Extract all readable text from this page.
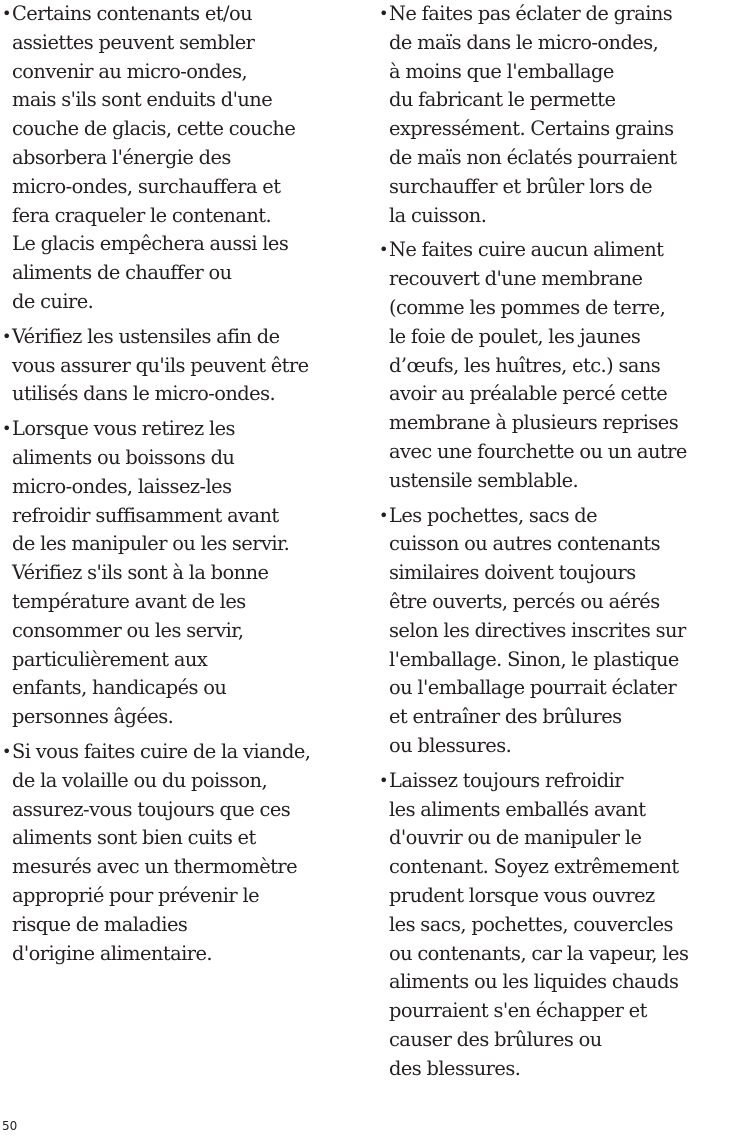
• Certains contenants et/ou
assiettes peuvent sembler
convenir au micro-ondes,
mais s'ils sont enduits d'une
couche de glacis, cette couche
absorbera l'énergie des
micro-ondes, surchauffera et
fera craqueler le contenant.
Le glacis empêchera aussi les
aliments de chauffer ou
de cuire.
• Vérifiez les ustensiles afin de
vous assurer qu'ils peuvent être
utilisés dans le micro-ondes.
• Lorsque vous retirez les
aliments ou boissons du
micro-ondes, laissez-les
refroidir suffisamment avant
de les manipuler ou les servir.
Vérifiez s'ils sont à la bonne
température avant de les
consommer ou les servir,
particulièrement aux
enfants, handicapés ou
personnes âgées.
• Si vous faites cuire de la viande,
de la volaille ou du poisson,
assurez-vous toujours que ces
aliments sont bien cuits et
mesurés avec un thermomètre
approprié pour prévenir le
risque de maladies
d'origine alimentaire.
• Ne faites pas éclater de grains
de maïs dans le micro-ondes,
à moins que l'emballage
du fabricant le permette
expressément. Certains grains
de maïs non éclatés pourraient
surchauffer et brûler lors de
la cuisson.
• Ne faites cuire aucun aliment
recouvert d'une membrane
(comme les pommes de terre,
le foie de poulet, les jaunes
d’œufs, les huîtres, etc.) sans
avoir au préalable percé cette
membrane à plusieurs reprises
avec une fourchette ou un autre
ustensile semblable.
• Les pochettes, sacs de
cuisson ou autres contenants
similaires doivent toujours
être ouverts, percés ou aérés
selon les directives inscrites sur
l'emballage. Sinon, le plastique
ou l'emballage pourrait éclater
et entraîner des brûlures
ou blessures.
• Laissez toujours refroidir
les aliments emballés avant
d'ouvrir ou de manipuler le
contenant. Soyez extrêmement
prudent lorsque vous ouvrez
les sacs, pochettes, couvercles
ou contenants, car la vapeur, les
aliments ou les liquides chauds
pourraient s'en échapper et
causer des brûlures ou
des blessures.
50
